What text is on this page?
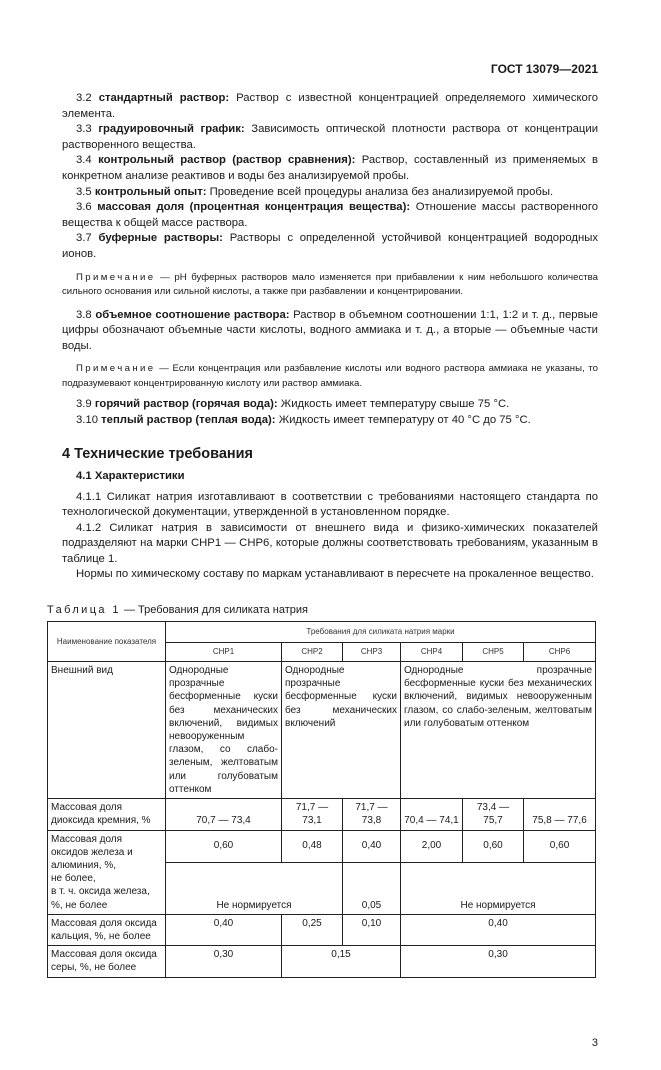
ГОСТ 13079—2021

3.2 стандартный раствор: Раствор с известной концентрацией определяемого химического элемента.

3.3 градуировочный график: Зависимость оптической плотности раствора от концентрации растворенного вещества.

3.4 контрольный раствор (раствор сравнения): Раствор, составленный из применяемых в конкретном анализе реактивов и воды без анализируемой пробы.

3.5 контрольный опыт: Проведение всей процедуры анализа без анализируемой пробы.

3.6 массовая доля (процентная концентрация вещества): Отношение массы растворенного вещества к общей массе раствора.

3.7 буферные растворы: Растворы с определенной устойчивой концентрацией водородных ионов.

Примечание — pH буферных растворов мало изменяется при прибавлении к ним небольшого количества сильного основания или сильной кислоты, а также при разбавлении и концентрировании.

3.8 объемное соотношение раствора: Раствор в объемном соотношении 1:1, 1:2 и т. д., первые цифры обозначают объемные части кислоты, водного аммиака и т. д., а вторые — объемные части воды.

Примечание — Если концентрация или разбавление кислоты или водного раствора аммиака не указаны, то подразумевают концентрированную кислоту или раствор аммиака.

3.9 горячий раствор (горячая вода): Жидкость имеет температуру свыше 75 °С.

3.10 теплый раствор (теплая вода): Жидкость имеет температуру от 40 °С до 75 °С.

4 Технические требования
4.1 Характеристики

4.1.1 Силикат натрия изготавливают в соответствии с требованиями настоящего стандарта по технологической документации, утвержденной в установленном порядке.

4.1.2 Силикат натрия в зависимости от внешнего вида и физико-химических показателей подразделяют на марки СНР1 — СНР6, которые должны соответствовать требованиям, указанным в таблице 1.

Нормы по химическому составу по маркам устанавливают в пересчете на прокаленное вещество.

Таблица 1 — Требования для силиката натрия
Наименование показателя	Требования для силиката натрия марки					
	СНР1	СНР2	СНР3	СНР4	СНР5	СНР6
Внешний вид	Однородные прозрачные бесформенные куски без механических включений, видимых невооруженным глазом, со слабо-зеленым, желтоватым или голубоватым оттенком	Однородные прозрачные бесформенные куски без механических включений		Однородные прозрачные бесформенные куски без механических включений, видимых невооруженным глазом, со слабо-зеленым, желтоватым или голубоватым оттенком		
Массовая доля диоксида кремния, %	70,7 — 73,4	71,7 — 73,1	71,7 — 73,8	70,4 — 74,1	73,4 — 75,7	75,8 — 77,6

Массовая доля оксидов железа и алюминия, %,
не более,
в т. ч. оксида железа,
%, не более	0,60	0,48	0,40	2,00	0,60	0,60
	Не нормируется		0,05	Не нормируется		
Массовая доля оксида кальция, %, не более	0,40	0,25	0,10	0,40		
Массовая доля оксида серы, %, не более	0,30	0,15		0,30		
3
